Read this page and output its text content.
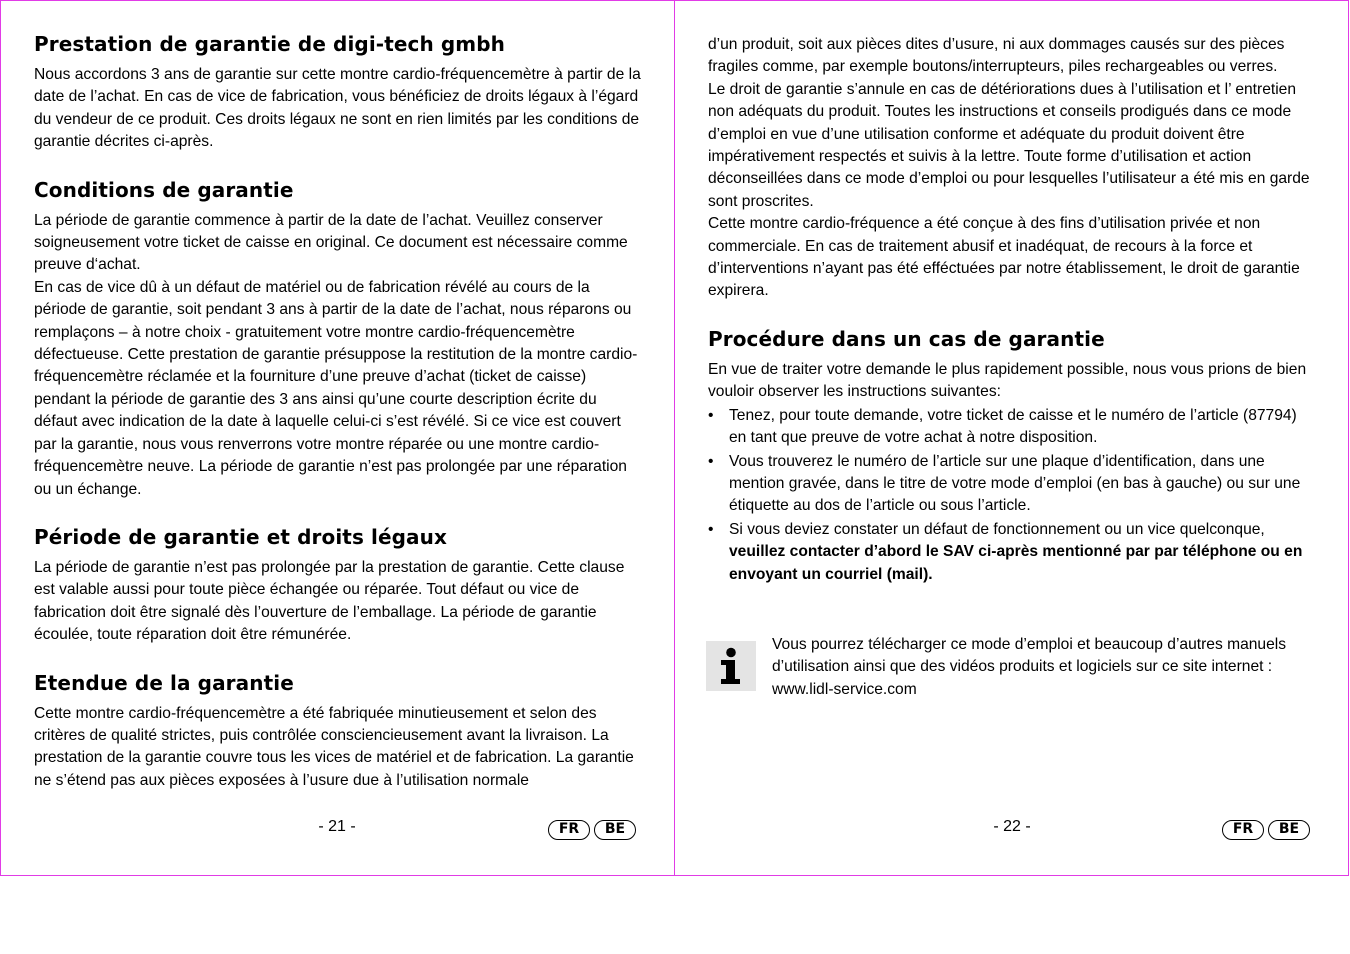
Prestation de garantie de digi-tech gmbh

Nous accordons 3 ans de garantie sur cette montre cardio-fréquencemètre à partir de la date de l’achat. En cas de vice de fabrication, vous bénéficiez de droits légaux à l’égard du vendeur de ce produit. Ces droits légaux ne sont en rien limités par les conditions de garantie décrites ci-après.

Conditions de garantie

La période de garantie commence à partir de la date de l’achat. Veuillez conserver soigneusement votre ticket de caisse en original. Ce document est nécessaire comme preuve d‘achat.

En cas de vice dû à un défaut de matériel ou de fabrication révélé au cours de la période de garantie, soit pendant 3 ans à partir de la date de l’achat, nous réparons ou remplaçons – à notre choix - gratuitement votre montre cardio-fréquencemètre défectueuse. Cette prestation de garantie présuppose la restitution de la montre cardio-fréquencemètre réclamée et la fourniture d’une preuve d’achat (ticket de caisse) pendant la période de garantie des 3 ans ainsi qu’une courte description écrite du défaut avec indication de la date à laquelle celui-ci s’est révélé. Si ce vice est couvert par la garantie, nous vous renverrons votre montre réparée ou une montre cardio-fréquencemètre neuve. La période de garantie n’est pas prolongée par une réparation ou un échange.

Période de garantie et droits légaux

La période de garantie n’est pas prolongée par la prestation de garantie. Cette clause est valable aussi pour toute pièce échangée ou réparée. Tout défaut ou vice de fabrication doit être signalé dès l’ouverture de l’emballage. La période de garantie écoulée, toute réparation doit être rémunérée.

Etendue de la garantie

Cette montre cardio-fréquencemètre a été fabriquée minutieusement et selon des critères de qualité strictes, puis contrôlée consciencieusement avant la livraison. La prestation de la garantie couvre tous les vices de matériel et de fabrication. La garantie ne s’étend pas aux pièces exposées à l’usure due à l’utilisation normale

- 21 -	FR	BE

d’un produit, soit aux pièces dites d’usure, ni aux dommages causés sur des pièces fragiles comme, par exemple boutons/interrupteurs, piles rechargeables ou verres.

Le droit de garantie s’annule en cas de détériorations dues à l’utilisation et l’ entretien non adéquats du produit. Toutes les instructions et conseils prodigués dans ce mode d’emploi en vue d’une utilisation conforme et adéquate du produit doivent être impérativement respectés et suivis à la lettre. Toute forme d’utilisation et action déconseillées dans ce mode d’emploi ou pour lesquelles l’utilisateur a été mis en garde sont proscrites.

Cette montre cardio-fréquence a été conçue à des fins d’utilisation privée et non commerciale. En cas de traitement abusif et inadéquat, de recours à la force et d’interventions n’ayant pas été efféctuées par notre établissement, le droit de garantie expirera.

Procédure dans un cas de garantie

En vue de traiter votre demande le plus rapidement possible, nous vous prions de bien vouloir observer les instructions suivantes:

• Tenez, pour toute demande, votre ticket de caisse et le numéro de l’article (87794) en tant que preuve de votre achat à notre disposition.
• Vous trouverez le numéro de l’article sur une plaque d’identification, dans une mention gravée, dans le titre de votre mode d’emploi (en bas à gauche) ou sur une étiquette au dos de l’article ou sous l’article.
• Si vous deviez constater un défaut de fonctionnement ou un vice quelconque, veuillez contacter d’abord le SAV ci-après mentionné par par téléphone ou en envoyant un courriel (mail).
Vous pourrez télécharger ce mode d’emploi et beaucoup d’autres manuels d’utilisation ainsi que des vidéos produits et logiciels sur ce site internet :
www.lidl-service.com
- 22 -	FR	BE
